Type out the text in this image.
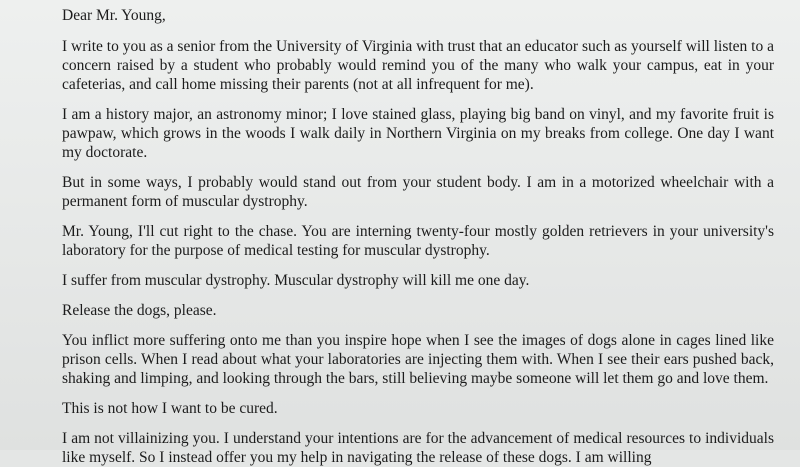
Dear Mr. Young,

I write to you as a senior from the University of Virginia with trust that an educator such as yourself will listen to a concern raised by a student who probably would remind you of the many who walk your campus, eat in your cafeterias, and call home missing their parents (not at all infrequent for me).

I am a history major, an astronomy minor; I love stained glass, playing big band on vinyl, and my favorite fruit is pawpaw, which grows in the woods I walk daily in Northern Virginia on my breaks from college. One day I want my doctorate.

But in some ways, I probably would stand out from your student body. I am in a motorized wheelchair with a permanent form of muscular dystrophy.

Mr. Young, I'll cut right to the chase. You are interning twenty-four mostly golden retrievers in your university's laboratory for the purpose of medical testing for muscular dystrophy.

I suffer from muscular dystrophy. Muscular dystrophy will kill me one day.

Release the dogs, please.

You inflict more suffering onto me than you inspire hope when I see the images of dogs alone in cages lined like prison cells. When I read about what your laboratories are injecting them with. When I see their ears pushed back, shaking and limping, and looking through the bars, still believing maybe someone will let them go and love them.

This is not how I want to be cured.

I am not villainizing you. I understand your intentions are for the advancement of medical resources to individuals like myself. So I instead offer you my help in navigating the release of these dogs. I am willing
